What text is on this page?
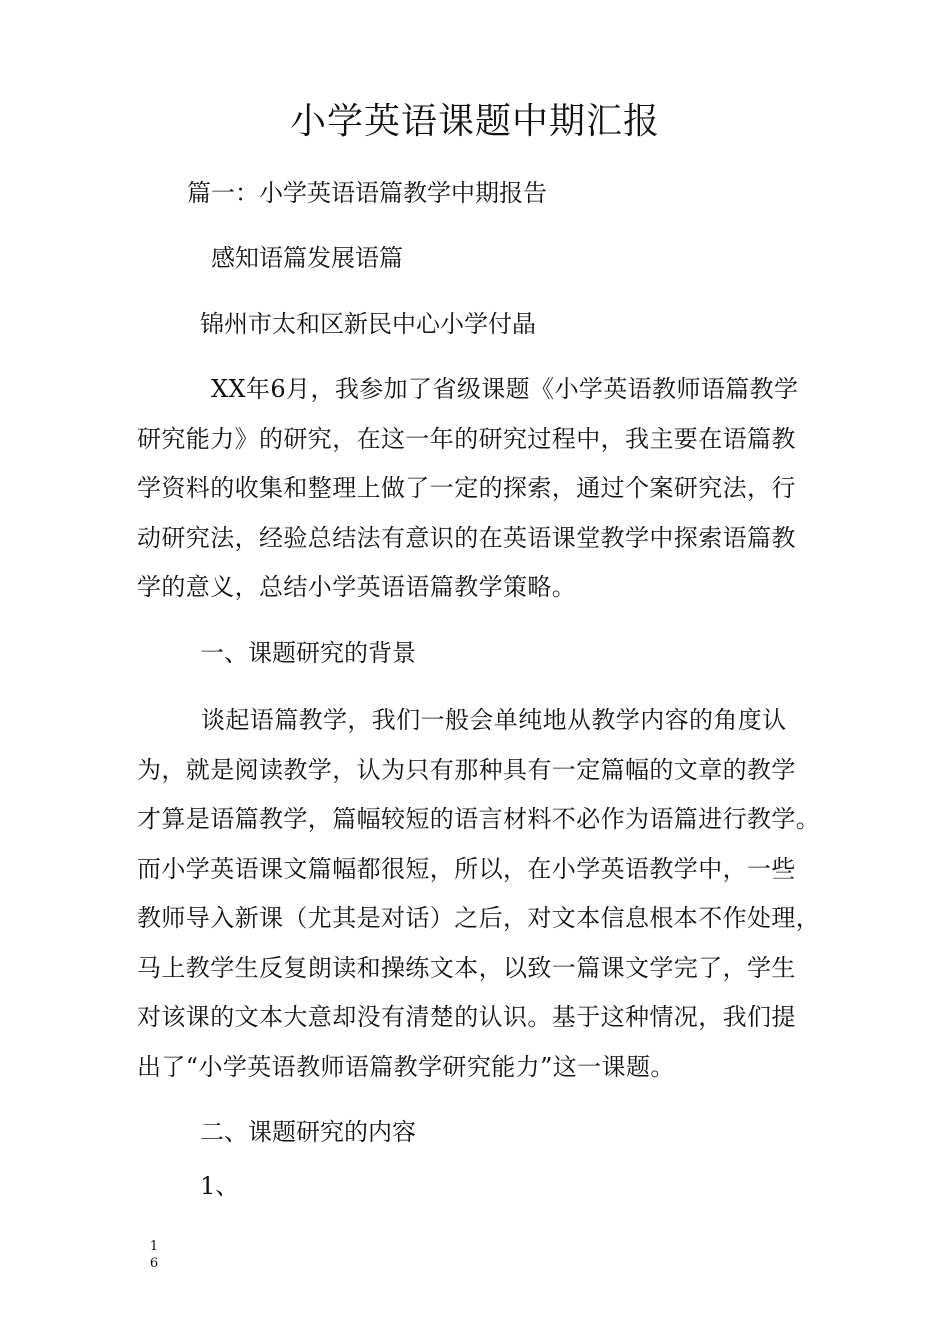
小学英语课题中期汇报

篇一：小学英语语篇教学中期报告

感知语篇发展语篇

锦州市太和区新民中心小学付晶

XX年6月，我参加了省级课题《小学英语教师语篇教学
研究能力》的研究，在这一年的研究过程中，我主要在语篇教
学资料的收集和整理上做了一定的探索，通过个案研究法，行
动研究法，经验总结法有意识的在英语课堂教学中探索语篇教
学的意义，总结小学英语语篇教学策略。

一、课题研究的背景

谈起语篇教学，我们一般会单纯地从教学内容的角度认
为，就是阅读教学，认为只有那种具有一定篇幅的文章的教学
才算是语篇教学，篇幅较短的语言材料不必作为语篇进行教学。
而小学英语课文篇幅都很短，所以，在小学英语教学中，一些
教师导入新课（尤其是对话）之后，对文本信息根本不作处理，
马上教学生反复朗读和操练文本，以致一篇课文学完了，学生
对该课的文本大意却没有清楚的认识。基于这种情况，我们提
出了“小学英语教师语篇教学研究能力”这一课题。

二、课题研究的内容

1、

1
6
